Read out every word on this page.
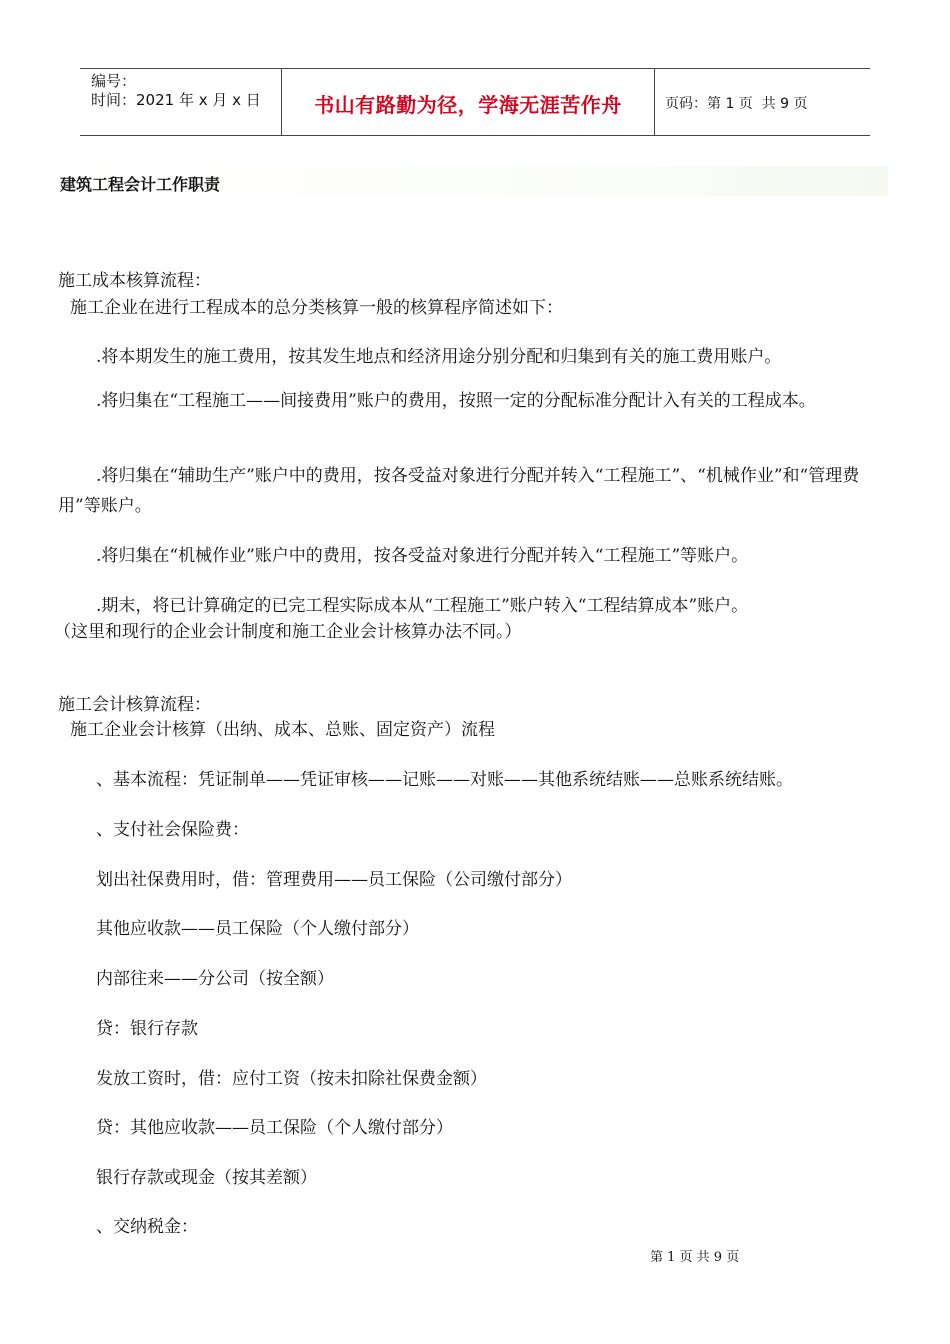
编号：
时间：2021 年 x 月 x 日	书山有路勤为径，学海无涯苦作舟	页码：第 1 页  共 9 页
建筑工程会计工作职责
施工成本核算流程：
施工企业在进行工程成本的总分类核算一般的核算程序简述如下：
.将本期发生的施工费用，按其发生地点和经济用途分别分配和归集到有关的施工费用账户。
.将归集在“工程施工——间接费用”账户的费用，按照一定的分配标准分配计入有关的工程成本。
.将归集在“辅助生产”账户中的费用，按各受益对象进行分配并转入“工程施工”、“机械作业”和“管理费用”等账户。
.将归集在“机械作业”账户中的费用，按各受益对象进行分配并转入“工程施工”等账户。
.期末，将已计算确定的已完工程实际成本从“工程施工”账户转入“工程结算成本”账户。
（这里和现行的企业会计制度和施工企业会计核算办法不同。）
施工会计核算流程：
施工企业会计核算（出纳、成本、总账、固定资产）流程
、基本流程：凭证制单——凭证审核——记账——对账——其他系统结账——总账系统结账。
、支付社会保险费：
划出社保费用时，借：管理费用——员工保险（公司缴付部分）
其他应收款——员工保险（个人缴付部分）
内部往来——分公司（按全额）
贷：银行存款
发放工资时，借：应付工资（按未扣除社保费金额）
贷：其他应收款——员工保险（个人缴付部分）
银行存款或现金（按其差额）
、交纳税金：
第 1 页 共 9 页
